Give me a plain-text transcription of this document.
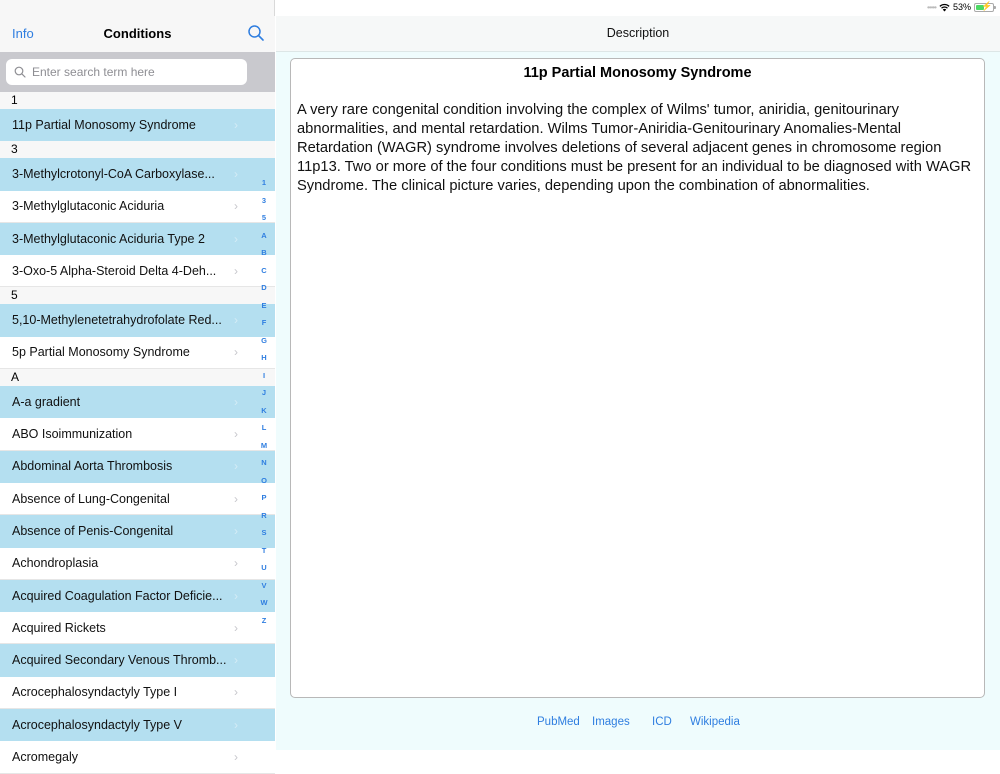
••••• 53% ⚡
Info	Conditions
Enter search term here
1
11p Partial Monosomy Syndrome	›
3
3-Methylcrotonyl-CoA Carboxylase...	›
3-Methylglutaconic Aciduria	›
3-Methylglutaconic Aciduria Type 2	›
3-Oxo-5 Alpha-Steroid Delta 4-Deh...	›
5
5,10-Methylenetetrahydrofolate Red... ›
5p Partial Monosomy Syndrome	›
A
A-a gradient	›
ABO Isoimmunization	›
Abdominal Aorta Thrombosis	›
Absence of Lung-Congenital	›
Absence of Penis-Congenital	›
Achondroplasia	›
Acquired Coagulation Factor Deficie... ›
Acquired Rickets	›
Acquired Secondary Venous Thromb... ›
Acrocephalosyndactyly Type I	›
Acrocephalosyndactyly Type V	›
Acromegaly	›
1
3
5
A
B
C
D
E
F
G
H
I
J
K
L
M
N
O
P
R
S
T
U
V
W
Z
Description
11p Partial Monosomy Syndrome

A very rare congenital condition involving the complex of Wilms' tumor, aniridia, genitourinary abnormalities, and mental retardation. Wilms Tumor-Aniridia-Genitourinary Anomalies-Mental Retardation (WAGR) syndrome involves deletions of several adjacent genes in chromosome region 11p13. Two or more of the four conditions must be present for an individual to be diagnosed with WAGR Syndrome. The clinical picture varies, depending upon the combination of abnormalities.

PubMed Images ICD Wikipedia
